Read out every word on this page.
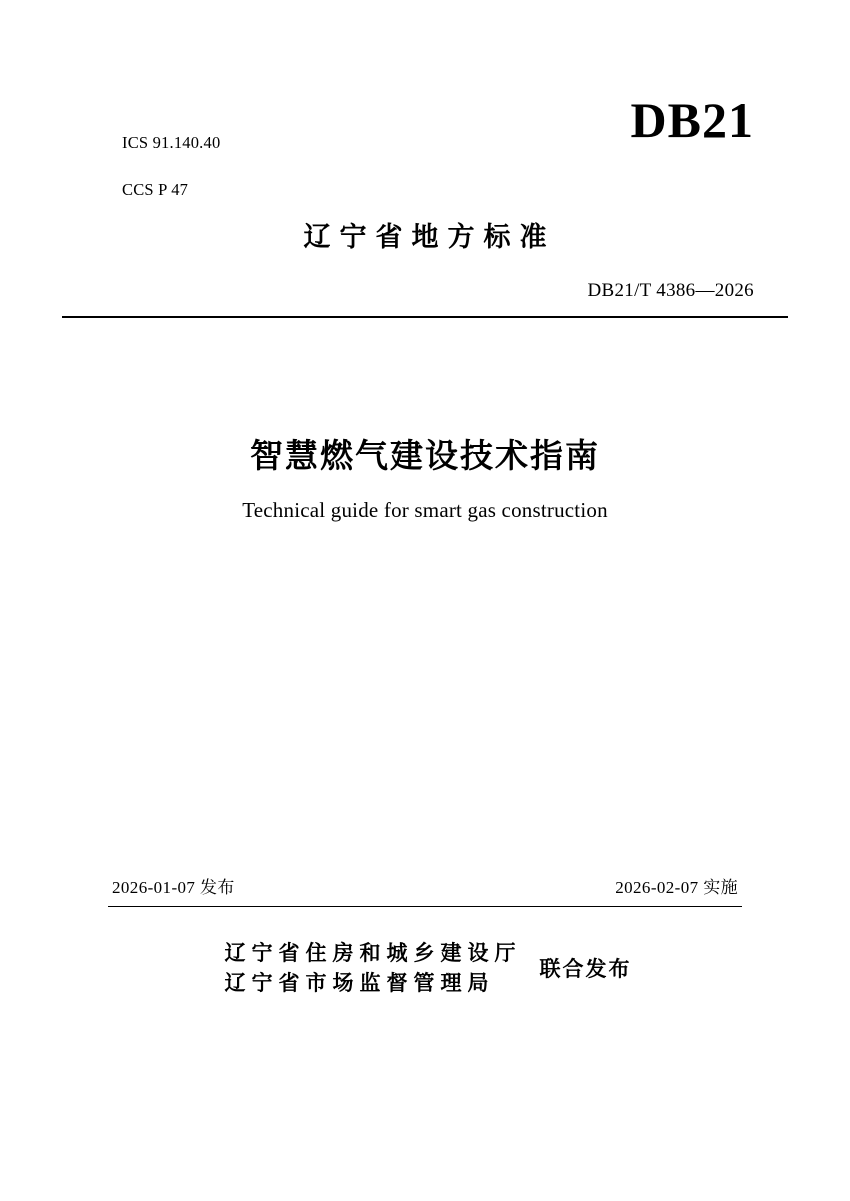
DB21
ICS 91.140.40
CCS P 47
辽宁省地方标准
DB21/T 4386—2026
智慧燃气建设技术指南
Technical guide for smart gas construction
2026-01-07 发布	2026-02-07 实施
辽宁省住房和城乡建设厅
辽宁省市场监督管理局
联合发布
